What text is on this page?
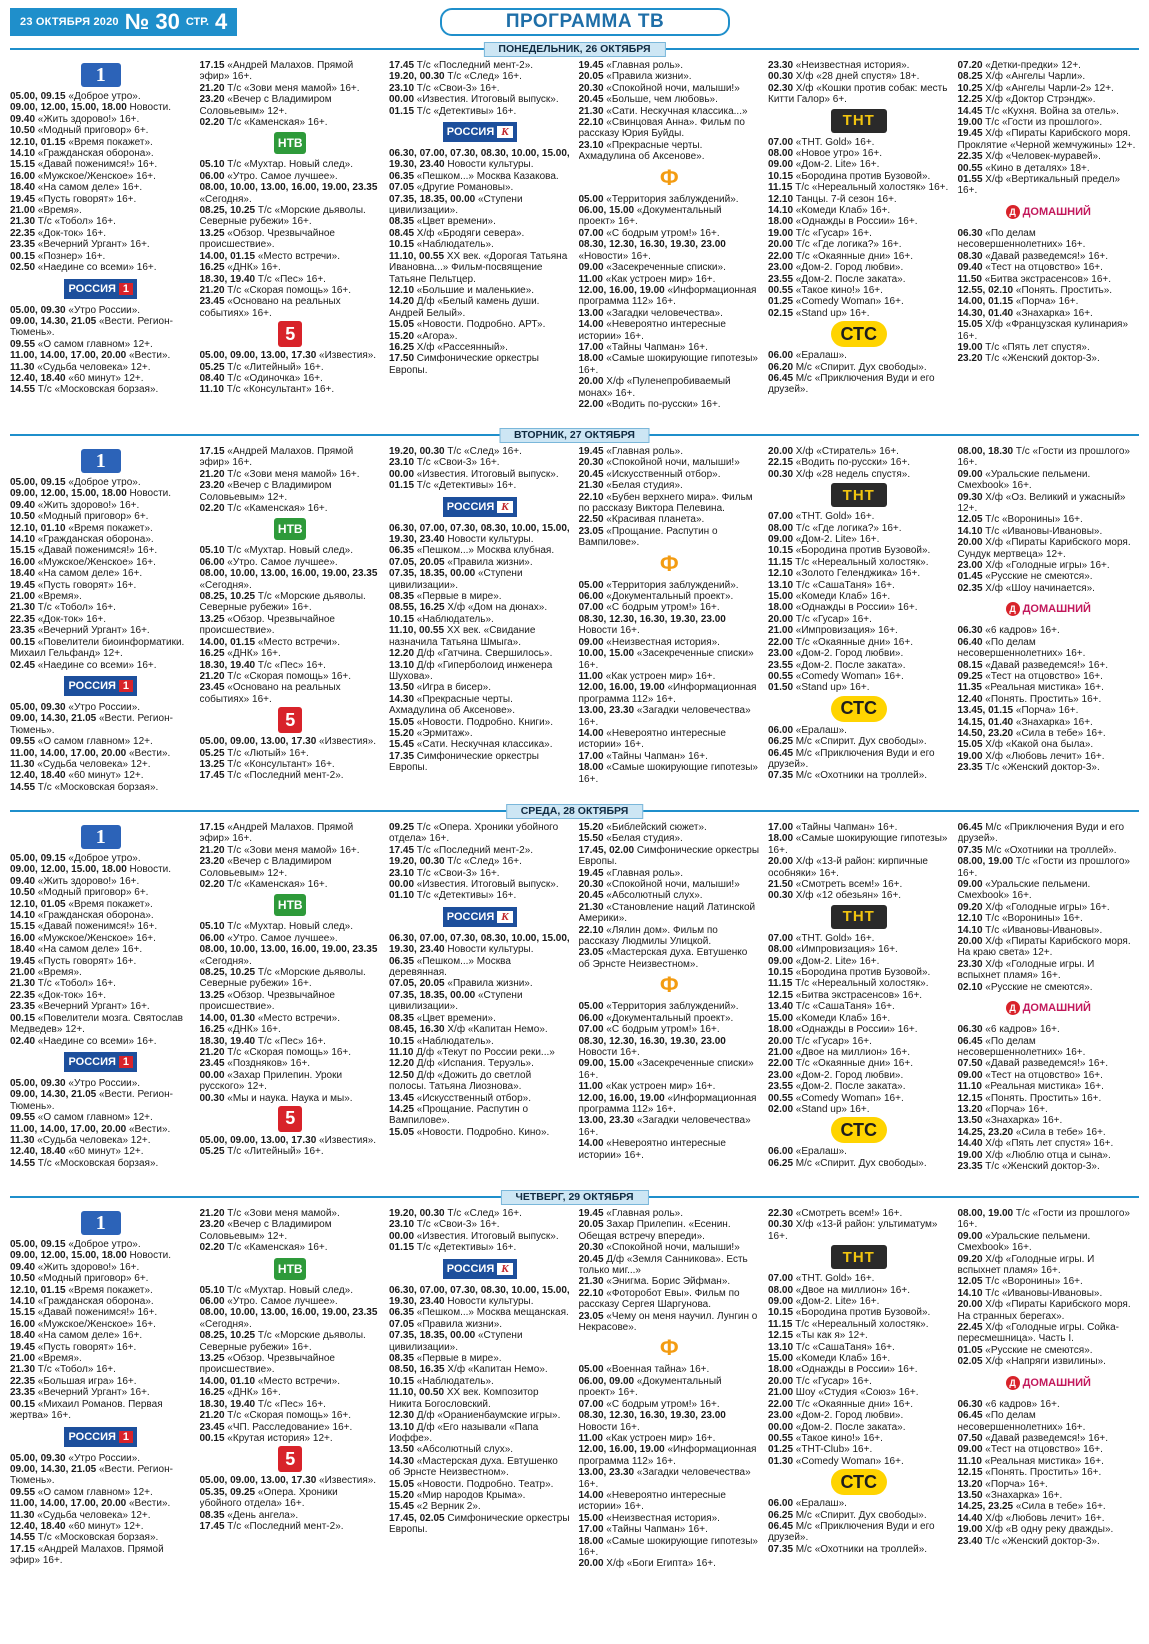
23 ОКТЯБРЯ 2020 № 30 СТР. 4	ПРОГРАММА ТВ
ПОНЕДЕЛЬНИК, 26 ОКТЯБРЯ
1
05.00, 09.15 «Доброе утро».
09.00, 12.00, 15.00, 18.00 Новости.
09.40 «Жить здорово!» 16+.
10.50 «Модный приговор» 6+.
12.10, 01.15 «Время покажет».
14.10 «Гражданская оборона».
15.15 «Давай поженимся!» 16+.
16.00 «Мужское/Женское» 16+.
18.40 «На самом деле» 16+.
19.45 «Пусть говорят» 16+.
21.00 «Время».
21.30 Т/с «Тобол» 16+.
22.35 «Док-ток» 16+.
23.35 «Вечерний Ургант» 16+.
00.15 «Познер» 16+.
02.50 «Наедине со всеми» 16+.
РОССИЯ 1
05.00, 09.30 «Утро России».
09.00, 14.30, 21.05 «Вести. Регион-Тюмень».
09.55 «О самом главном» 12+.
11.00, 14.00, 17.00, 20.00 «Вести».
11.30 «Судьба человека» 12+.
12.40, 18.40 «60 минут» 12+.
14.55 Т/с «Московская борзая».
17.15 «Андрей Малахов. Прямой эфир» 16+.
21.20 Т/с «Зови меня мамой» 16+.
23.20 «Вечер с Владимиром Соловьевым» 12+.
02.20 Т/с «Каменская» 16+.
НТВ
05.10 Т/с «Мухтар. Новый след».
06.00 «Утро. Самое лучшее».
08.00, 10.00, 13.00, 16.00, 19.00, 23.35 «Сегодня».
08.25, 10.25 Т/с «Морские дьяволы. Северные рубежи» 16+.
13.25 «Обзор. Чрезвычайное происшествие».
14.00, 01.15 «Место встречи».
16.25 «ДНК» 16+.
18.30, 19.40 Т/с «Пес» 16+.
21.20 Т/с «Скорая помощь» 16+.
23.45 «Основано на реальных событиях» 16+.
5
05.00, 09.00, 13.00, 17.30 «Известия».
05.25 Т/с «Литейный» 16+.
08.40 Т/с «Одиночка» 16+.
11.10 Т/с «Консультант» 16+.
17.45 Т/с «Последний мент-2».
19.20, 00.30 Т/с «След» 16+.
23.10 Т/с «Свои-3» 16+.
00.00 «Известия. Итоговый выпуск».
01.15 Т/с «Детективы» 16+.
РОССИЯ К
06.30, 07.00, 07.30, 08.30, 10.00, 15.00, 19.30, 23.40 Новости культуры.
06.35 «Пешком...» Москва Казакова.
07.05 «Другие Романовы».
07.35, 18.35, 00.00 «Ступени цивилизации».
08.35 «Цвет времени».
08.45 Х/ф «Бродяги севера».
10.15 «Наблюдатель».
11.10, 00.55 XX век. «Дорогая Татьяна Ивановна...» Фильм-посвящение Татьяне Пельтцер.
12.10 «Большие и маленькие».
14.20 Д/ф «Белый камень души. Андрей Белый».
15.05 «Новости. Подробно. АРТ».
15.20 «Агора».
16.25 Х/ф «Рассеянный».
17.50 Симфонические оркестры Европы.
19.45 «Главная роль».
20.05 «Правила жизни».
20.30 «Спокойной ночи, малыши!»
20.45 «Больше, чем любовь».
21.30 «Сати. Нескучная классика...»
22.10 «Свинцовая Анна». Фильм по рассказу Юрия Буйды.
23.10 «Прекрасные черты. Ахмадулина об Аксенове».
Ф
05.00 «Территория заблуждений».
06.00, 15.00 «Документальный проект» 16+.
07.00 «С бодрым утром!» 16+.
08.30, 12.30, 16.30, 19.30, 23.00 «Новости» 16+.
09.00 «Засекреченные списки».
11.00 «Как устроен мир» 16+.
12.00, 16.00, 19.00 «Информационная программа 112» 16+.
13.00 «Загадки человечества».
14.00 «Невероятно интересные истории» 16+.
17.00 «Тайны Чапман» 16+.
18.00 «Самые шокирующие гипотезы» 16+.
20.00 Х/ф «Пуленепробиваемый монах» 16+.
22.00 «Водить по-русски» 16+.
23.30 «Неизвестная история».
00.30 Х/ф «28 дней спустя» 18+.
02.30 Х/ф «Кошки против собак: месть Китти Галор» 6+.
ТНТ
07.00 «ТНТ. Gold» 16+.
08.00 «Новое утро» 16+.
09.00 «Дом-2. Lite» 16+.
10.15 «Бородина против Бузовой».
11.15 Т/с «Нереальный холостяк» 16+.
12.10 Танцы. 7-й сезон 16+.
14.10 «Комеди Клаб» 16+.
18.00 «Однажды в России» 16+.
19.00 Т/с «Гусар» 16+.
20.00 Т/с «Где логика?» 16+.
22.00 Т/с «Окаянные дни» 16+.
23.00 «Дом-2. Город любви».
23.55 «Дом-2. После заката».
00.55 «Такое кино!» 16+.
01.25 «Comedy Woman» 16+.
02.15 «Stand up» 16+.
СТС
06.00 «Ералаш».
06.20 М/с «Спирит. Дух свободы».
06.45 М/с «Приключения Вуди и его друзей».
07.20 «Детки-предки» 12+.
08.25 Х/ф «Ангелы Чарли».
10.25 Х/ф «Ангелы Чарли-2» 12+.
12.25 Х/ф «Доктор Стрэндж».
14.45 Т/с «Кухня. Война за отель».
19.00 Т/с «Гости из прошлого».
19.45 Х/ф «Пираты Карибского моря. Проклятие «Черной жемчужины» 12+.
22.35 Х/ф «Человек-муравей».
00.55 «Кино в деталях» 18+.
01.55 Х/ф «Вертикальный предел» 16+.
Д ДОМАШНИЙ
06.30 «По делам несовершеннолетних» 16+.
08.30 «Давай разведемся!» 16+.
09.40 «Тест на отцовство» 16+.
11.50 «Битва экстрасенсов» 16+.
12.55, 02.10 «Понять. Простить».
14.00, 01.15 «Порча» 16+.
14.30, 01.40 «Знахарка» 16+.
15.05 Х/ф «Французская кулинария» 16+.
19.00 Т/с «Пять лет спустя».
23.20 Т/с «Женский доктор-3».
ВТОРНИК, 27 ОКТЯБРЯ
1
05.00, 09.15 «Доброе утро».
09.00, 12.00, 15.00, 18.00 Новости.
09.40 «Жить здорово!» 16+.
10.50 «Модный приговор» 6+.
12.10, 01.10 «Время покажет».
14.10 «Гражданская оборона».
15.15 «Давай поженимся!» 16+.
16.00 «Мужское/Женское» 16+.
18.40 «На самом деле» 16+.
19.45 «Пусть говорят» 16+.
21.00 «Время».
21.30 Т/с «Тобол» 16+.
22.35 «Док-ток» 16+.
23.35 «Вечерний Ургант» 16+.
00.15 «Повелители биоинформатики. Михаил Гельфанд» 12+.
02.45 «Наедине со всеми» 16+.
РОССИЯ 1
05.00, 09.30 «Утро России».
09.00, 14.30, 21.05 «Вести. Регион-Тюмень».
09.55 «О самом главном» 12+.
11.00, 14.00, 17.00, 20.00 «Вести».
11.30 «Судьба человека» 12+.
12.40, 18.40 «60 минут» 12+.
14.55 Т/с «Московская борзая».
17.15 «Андрей Малахов. Прямой эфир» 16+.
21.20 Т/с «Зови меня мамой» 16+.
23.20 «Вечер с Владимиром Соловьевым» 12+.
02.20 Т/с «Каменская» 16+.
НТВ
05.10 Т/с «Мухтар. Новый след».
06.00 «Утро. Самое лучшее».
08.00, 10.00, 13.00, 16.00, 19.00, 23.35 «Сегодня».
08.25, 10.25 Т/с «Морские дьяволы. Северные рубежи» 16+.
13.25 «Обзор. Чрезвычайное происшествие».
14.00, 01.15 «Место встречи».
16.25 «ДНК» 16+.
18.30, 19.40 Т/с «Пес» 16+.
21.20 Т/с «Скорая помощь» 16+.
23.45 «Основано на реальных событиях» 16+.
5
05.00, 09.00, 13.00, 17.30 «Известия».
05.25 Т/с «Лютый» 16+.
13.25 Т/с «Консультант» 16+.
17.45 Т/с «Последний мент-2».
19.20, 00.30 Т/с «След» 16+.
23.10 Т/с «Свои-3» 16+.
00.00 «Известия. Итоговый выпуск».
01.15 Т/с «Детективы» 16+.
РОССИЯ К
06.30, 07.00, 07.30, 08.30, 10.00, 15.00, 19.30, 23.40 Новости культуры.
06.35 «Пешком...» Москва клубная.
07.05, 20.05 «Правила жизни».
07.35, 18.35, 00.00 «Ступени цивилизации».
08.35 «Первые в мире».
08.55, 16.25 Х/ф «Дом на дюнах».
10.15 «Наблюдатель».
11.10, 00.55 XX век. «Свидание назначила Татьяна Шмыга».
12.20 Д/ф «Гатчина. Свершилось».
13.10 Д/ф «Гиперболоид инженера Шухова».
13.50 «Игра в бисер».
14.30 «Прекрасные черты. Ахмадулина об Аксенове».
15.05 «Новости. Подробно. Книги».
15.20 «Эрмитаж».
15.45 «Сати. Нескучная классика».
17.35 Симфонические оркестры Европы.
19.45 «Главная роль».
20.30 «Спокойной ночи, малыши!»
20.45 «Искусственный отбор».
21.30 «Белая студия».
22.10 «Бубен верхнего мира». Фильм по рассказу Виктора Пелевина.
22.50 «Красивая планета».
23.05 «Прощание. Распутин о Вампилове».
Ф
05.00 «Территория заблуждений».
06.00 «Документальный проект».
07.00 «С бодрым утром!» 16+.
08.30, 12.30, 16.30, 19.30, 23.00 Новости 16+.
09.00 «Неизвестная история».
10.00, 15.00 «Засекреченные списки» 16+.
11.00 «Как устроен мир» 16+.
12.00, 16.00, 19.00 «Информационная программа 112» 16+.
13.00, 23.30 «Загадки человечества» 16+.
14.00 «Невероятно интересные истории» 16+.
17.00 «Тайны Чапман» 16+.
18.00 «Самые шокирующие гипотезы» 16+.
20.00 Х/ф «Стиратель» 16+.
22.15 «Водить по-русски» 16+.
00.30 Х/ф «28 недель спустя».
ТНТ
07.00 «ТНТ. Gold» 16+.
08.00 Т/с «Где логика?» 16+.
09.00 «Дом-2. Lite» 16+.
10.15 «Бородина против Бузовой».
11.15 Т/с «Нереальный холостяк».
12.10 «Золото Геленджика» 16+.
13.10 Т/с «СашаТаня» 16+.
15.00 «Комеди Клаб» 16+.
18.00 «Однажды в России» 16+.
20.00 Т/с «Гусар» 16+.
21.00 «Импровизация» 16+.
22.00 Т/с «Окаянные дни» 16+.
23.00 «Дом-2. Город любви».
23.55 «Дом-2. После заката».
00.55 «Comedy Woman» 16+.
01.50 «Stand up» 16+.
СТС
06.00 «Ералаш».
06.25 М/с «Спирит. Дух свободы».
06.45 М/с «Приключения Вуди и его друзей».
07.35 М/с «Охотники на троллей».
08.00, 18.30 Т/с «Гости из прошлого» 16+.
09.00 «Уральские пельмени. Смехbook» 16+.
09.30 Х/ф «Оз. Великий и ужасный» 12+.
12.05 Т/с «Воронины» 16+.
14.10 Т/с «Ивановы-Ивановы».
20.00 Х/ф «Пираты Карибского моря. Сундук мертвеца» 12+.
23.00 Х/ф «Голодные игры» 16+.
01.45 «Русские не смеются».
02.35 Х/ф «Шоу начинается».
Д ДОМАШНИЙ
06.30 «6 кадров» 16+.
06.40 «По делам несовершеннолетних» 16+.
08.15 «Давай разведемся!» 16+.
09.25 «Тест на отцовство» 16+.
11.35 «Реальная мистика» 16+.
12.40 «Понять. Простить» 16+.
13.45, 01.15 «Порча» 16+.
14.15, 01.40 «Знахарка» 16+.
14.50, 23.20 «Сила в тебе» 16+.
15.05 Х/ф «Какой она была».
19.00 Х/ф «Любовь лечит» 16+.
23.35 Т/с «Женский доктор-3».
СРЕДА, 28 ОКТЯБРЯ
1
05.00, 09.15 «Доброе утро».
09.00, 12.00, 15.00, 18.00 Новости.
09.40 «Жить здорово!» 16+.
10.50 «Модный приговор» 6+.
12.10, 01.05 «Время покажет».
14.10 «Гражданская оборона».
15.15 «Давай поженимся!» 16+.
16.00 «Мужское/Женское» 16+.
18.40 «На самом деле» 16+.
19.45 «Пусть говорят» 16+.
21.00 «Время».
21.30 Т/с «Тобол» 16+.
22.35 «Док-ток» 16+.
23.35 «Вечерний Ургант» 16+.
00.15 «Повелители мозга. Святослав Медведев» 12+.
02.40 «Наедине со всеми» 16+.
РОССИЯ 1
05.00, 09.30 «Утро России».
09.00, 14.30, 21.05 «Вести. Регион-Тюмень».
09.55 «О самом главном» 12+.
11.00, 14.00, 17.00, 20.00 «Вести».
11.30 «Судьба человека» 12+.
12.40, 18.40 «60 минут» 12+.
14.55 Т/с «Московская борзая».
17.15 «Андрей Малахов. Прямой эфир» 16+.
21.20 Т/с «Зови меня мамой» 16+.
23.20 «Вечер с Владимиром Соловьевым» 12+.
02.20 Т/с «Каменская» 16+.
НТВ
05.10 Т/с «Мухтар. Новый след».
06.00 «Утро. Самое лучшее».
08.00, 10.00, 13.00, 16.00, 19.00, 23.35 «Сегодня».
08.25, 10.25 Т/с «Морские дьяволы. Северные рубежи» 16+.
13.25 «Обзор. Чрезвычайное происшествие».
14.00, 01.30 «Место встречи».
16.25 «ДНК» 16+.
18.30, 19.40 Т/с «Пес» 16+.
21.20 Т/с «Скорая помощь» 16+.
23.45 «Поздняков» 16+.
00.00 «Захар Прилепин. Уроки русского» 12+.
00.30 «Мы и наука. Наука и мы».
5
05.00, 09.00, 13.00, 17.30 «Известия».
05.25 Т/с «Литейный» 16+.
09.25 Т/с «Опера. Хроники убойного отдела» 16+.
17.45 Т/с «Последний мент-2».
19.20, 00.30 Т/с «След» 16+.
23.10 Т/с «Свои-3» 16+.
00.00 «Известия. Итоговый выпуск».
01.10 Т/с «Детективы» 16+.
РОССИЯ К
06.30, 07.00, 07.30, 08.30, 10.00, 15.00, 19.30, 23.40 Новости культуры.
06.35 «Пешком...» Москва деревянная.
07.05, 20.05 «Правила жизни».
07.35, 18.35, 00.00 «Ступени цивилизации».
08.35 «Цвет времени».
08.45, 16.30 Х/ф «Капитан Немо».
10.15 «Наблюдатель».
11.10 Д/ф «Текут по России реки...»
12.20 Д/ф «Испания. Теруэль».
12.50 Д/ф «Дожить до светлой полосы. Татьяна Лиознова».
13.45 «Искусственный отбор».
14.25 «Прощание. Распутин о Вампилове».
15.05 «Новости. Подробно. Кино».
15.20 «Библейский сюжет».
15.50 «Белая студия».
17.45, 02.00 Симфонические оркестры Европы.
19.45 «Главная роль».
20.30 «Спокойной ночи, малыши!»
20.45 «Абсолютный слух».
21.30 «Становление наций Латинской Америки».
22.10 «Лялин дом». Фильм по рассказу Людмилы Улицкой.
23.05 «Мастерская духа. Евтушенко об Эрнсте Неизвестном».
Ф
05.00 «Территория заблуждений».
06.00 «Документальный проект».
07.00 «С бодрым утром!» 16+.
08.30, 12.30, 16.30, 19.30, 23.00 Новости 16+.
09.00, 15.00 «Засекреченные списки» 16+.
11.00 «Как устроен мир» 16+.
12.00, 16.00, 19.00 «Информационная программа 112» 16+.
13.00, 23.30 «Загадки человечества» 16+.
14.00 «Невероятно интересные истории» 16+.
17.00 «Тайны Чапман» 16+.
18.00 «Самые шокирующие гипотезы» 16+.
20.00 Х/ф «13-й район: кирпичные особняки» 16+.
21.50 «Смотреть всем!» 16+.
00.30 Х/ф «12 обезьян» 16+.
ТНТ
07.00 «ТНТ. Gold» 16+.
08.00 «Импровизация» 16+.
09.00 «Дом-2. Lite» 16+.
10.15 «Бородина против Бузовой».
11.15 Т/с «Нереальный холостяк».
12.15 «Битва экстрасенсов» 16+.
13.40 Т/с «СашаТаня» 16+.
15.00 «Комеди Клаб» 16+.
18.00 «Однажды в России» 16+.
20.00 Т/с «Гусар» 16+.
21.00 «Двое на миллион» 16+.
22.00 Т/с «Окаянные дни» 16+.
23.00 «Дом-2. Город любви».
23.55 «Дом-2. После заката».
00.55 «Comedy Woman» 16+.
02.00 «Stand up» 16+.
СТС
06.00 «Ералаш».
06.25 М/с «Спирит. Дух свободы».
06.45 М/с «Приключения Вуди и его друзей».
07.35 М/с «Охотники на троллей».
08.00, 19.00 Т/с «Гости из прошлого» 16+.
09.00 «Уральские пельмени. Смехbook» 16+.
09.20 Х/ф «Голодные игры» 16+.
12.10 Т/с «Воронины» 16+.
14.10 Т/с «Ивановы-Ивановы».
20.00 Х/ф «Пираты Карибского моря. На краю света» 12+.
23.30 Х/ф «Голодные игры. И вспыхнет пламя» 16+.
02.10 «Русские не смеются».
Д ДОМАШНИЙ
06.30 «6 кадров» 16+.
06.45 «По делам несовершеннолетних» 16+.
07.50 «Давай разведемся!» 16+.
09.00 «Тест на отцовство» 16+.
11.10 «Реальная мистика» 16+.
12.15 «Понять. Простить» 16+.
13.20 «Порча» 16+.
13.50 «Знахарка» 16+.
14.25, 23.20 «Сила в тебе» 16+.
14.40 Х/ф «Пять лет спустя» 16+.
19.00 Х/ф «Люблю отца и сына».
23.35 Т/с «Женский доктор-3».
ЧЕТВЕРГ, 29 ОКТЯБРЯ
1
05.00, 09.15 «Доброе утро».
09.00, 12.00, 15.00, 18.00 Новости.
09.40 «Жить здорово!» 16+.
10.50 «Модный приговор» 6+.
12.10, 01.15 «Время покажет».
14.10 «Гражданская оборона».
15.15 «Давай поженимся!» 16+.
16.00 «Мужское/Женское» 16+.
18.40 «На самом деле» 16+.
19.45 «Пусть говорят» 16+.
21.00 «Время».
21.30 Т/с «Тобол» 16+.
22.35 «Большая игра» 16+.
23.35 «Вечерний Ургант» 16+.
00.15 «Михаил Романов. Первая жертва» 16+.
РОССИЯ 1
05.00, 09.30 «Утро России».
09.00, 14.30, 21.05 «Вести. Регион-Тюмень».
09.55 «О самом главном» 12+.
11.00, 14.00, 17.00, 20.00 «Вести».
11.30 «Судьба человека» 12+.
12.40, 18.40 «60 минут» 12+.
14.55 Т/с «Московская борзая».
17.15 «Андрей Малахов. Прямой эфир» 16+.
21.20 Т/с «Зови меня мамой».
23.20 «Вечер с Владимиром Соловьевым» 12+.
02.20 Т/с «Каменская» 16+.
НТВ
05.10 Т/с «Мухтар. Новый след».
06.00 «Утро. Самое лучшее».
08.00, 10.00, 13.00, 16.00, 19.00, 23.35 «Сегодня».
08.25, 10.25 Т/с «Морские дьяволы. Северные рубежи» 16+.
13.25 «Обзор. Чрезвычайное происшествие».
14.00, 01.10 «Место встречи».
16.25 «ДНК» 16+.
18.30, 19.40 Т/с «Пес» 16+.
21.20 Т/с «Скорая помощь» 16+.
23.45 «ЧП. Расследование» 16+.
00.15 «Крутая история» 12+.
5
05.00, 09.00, 13.00, 17.30 «Известия».
05.35, 09.25 «Опера. Хроники убойного отдела» 16+.
08.35 «День ангела».
17.45 Т/с «Последний мент-2».
19.20, 00.30 Т/с «След» 16+.
23.10 Т/с «Свои-3» 16+.
00.00 «Известия. Итоговый выпуск».
01.15 Т/с «Детективы» 16+.
РОССИЯ К
06.30, 07.00, 07.30, 08.30, 10.00, 15.00, 19.30, 23.40 Новости культуры.
06.35 «Пешком...» Москва мещанская.
07.05 «Правила жизни».
07.35, 18.35, 00.00 «Ступени цивилизации».
08.35 «Первые в мире».
08.50, 16.35 Х/ф «Капитан Немо».
10.15 «Наблюдатель».
11.10, 00.50 XX век. Композитор Никита Богословский.
12.30 Д/ф «Ораниенбаумские игры».
13.10 Д/ф «Его называли «Папа Иоффе».
13.50 «Абсолютный слух».
14.30 «Мастерская духа. Евтушенко об Эрнсте Неизвестном».
15.05 «Новости. Подробно. Театр».
15.20 «Мир народов Крыма».
15.45 «2 Верник 2».
17.45, 02.05 Симфонические оркестры Европы.
19.45 «Главная роль».
20.05 Захар Прилепин. «Есенин. Обещая встречу впереди».
20.30 «Спокойной ночи, малыши!»
20.45 Д/ф «Земля Санникова». Есть только миг...»
21.30 «Энигма. Борис Эйфман».
22.10 «Фоторобот Евы». Фильм по рассказу Сергея Шаргунова.
23.05 «Чему он меня научил. Лунгин о Некрасове».
Ф
05.00 «Военная тайна» 16+.
06.00, 09.00 «Документальный проект» 16+.
07.00 «С бодрым утром!» 16+.
08.30, 12.30, 16.30, 19.30, 23.00 Новости 16+.
11.00 «Как устроен мир» 16+.
12.00, 16.00, 19.00 «Информационная программа 112» 16+.
13.00, 23.30 «Загадки человечества» 16+.
14.00 «Невероятно интересные истории» 16+.
15.00 «Неизвестная история».
17.00 «Тайны Чапман» 16+.
18.00 «Самые шокирующие гипотезы» 16+.
20.00 Х/ф «Боги Египта» 16+.
22.30 «Смотреть всем!» 16+.
00.30 Х/ф «13-й район: ультиматум» 16+.
ТНТ
07.00 «ТНТ. Gold» 16+.
08.00 «Двое на миллион» 16+.
09.00 «Дом-2. Lite» 16+.
10.15 «Бородина против Бузовой».
11.15 Т/с «Нереальный холостяк».
12.15 «Ты как я» 12+.
13.10 Т/с «СашаТаня» 16+.
15.00 «Комеди Клаб» 16+.
18.00 «Однажды в России» 16+.
20.00 Т/с «Гусар» 16+.
21.00 Шоу «Студия «Союз» 16+.
22.00 Т/с «Окаянные дни» 16+.
23.00 «Дом-2. Город любви».
00.00 «Дом-2. После заката».
00.55 «Такое кино!» 16+.
01.25 «THT-Club» 16+.
01.30 «Comedy Woman» 16+.
СТС
06.00 «Ералаш».
06.25 М/с «Спирит. Дух свободы».
06.45 М/с «Приключения Вуди и его друзей».
07.35 М/с «Охотники на троллей».
08.00, 19.00 Т/с «Гости из прошлого» 16+.
09.00 «Уральские пельмени. Смехbook» 16+.
09.20 Х/ф «Голодные игры. И вспыхнет пламя» 16+.
12.05 Т/с «Воронины» 16+.
14.10 Т/с «Ивановы-Ивановы».
20.00 Х/ф «Пираты Карибского моря. На странных берегах».
22.45 Х/ф «Голодные игры. Сойка-пересмешница». Часть I.
01.05 «Русские не смеются».
02.05 Х/ф «Напряги извилины».
Д ДОМАШНИЙ
06.30 «6 кадров» 16+.
06.45 «По делам несовершеннолетних» 16+.
07.50 «Давай разведемся!» 16+.
09.00 «Тест на отцовство» 16+.
11.10 «Реальная мистика» 16+.
12.15 «Понять. Простить» 16+.
13.20 «Порча» 16+.
13.50 «Знахарка» 16+.
14.25, 23.25 «Сила в тебе» 16+.
14.40 Х/ф «Любовь лечит» 16+.
19.00 Х/ф «В одну реку дважды».
23.40 Т/с «Женский доктор-3».
